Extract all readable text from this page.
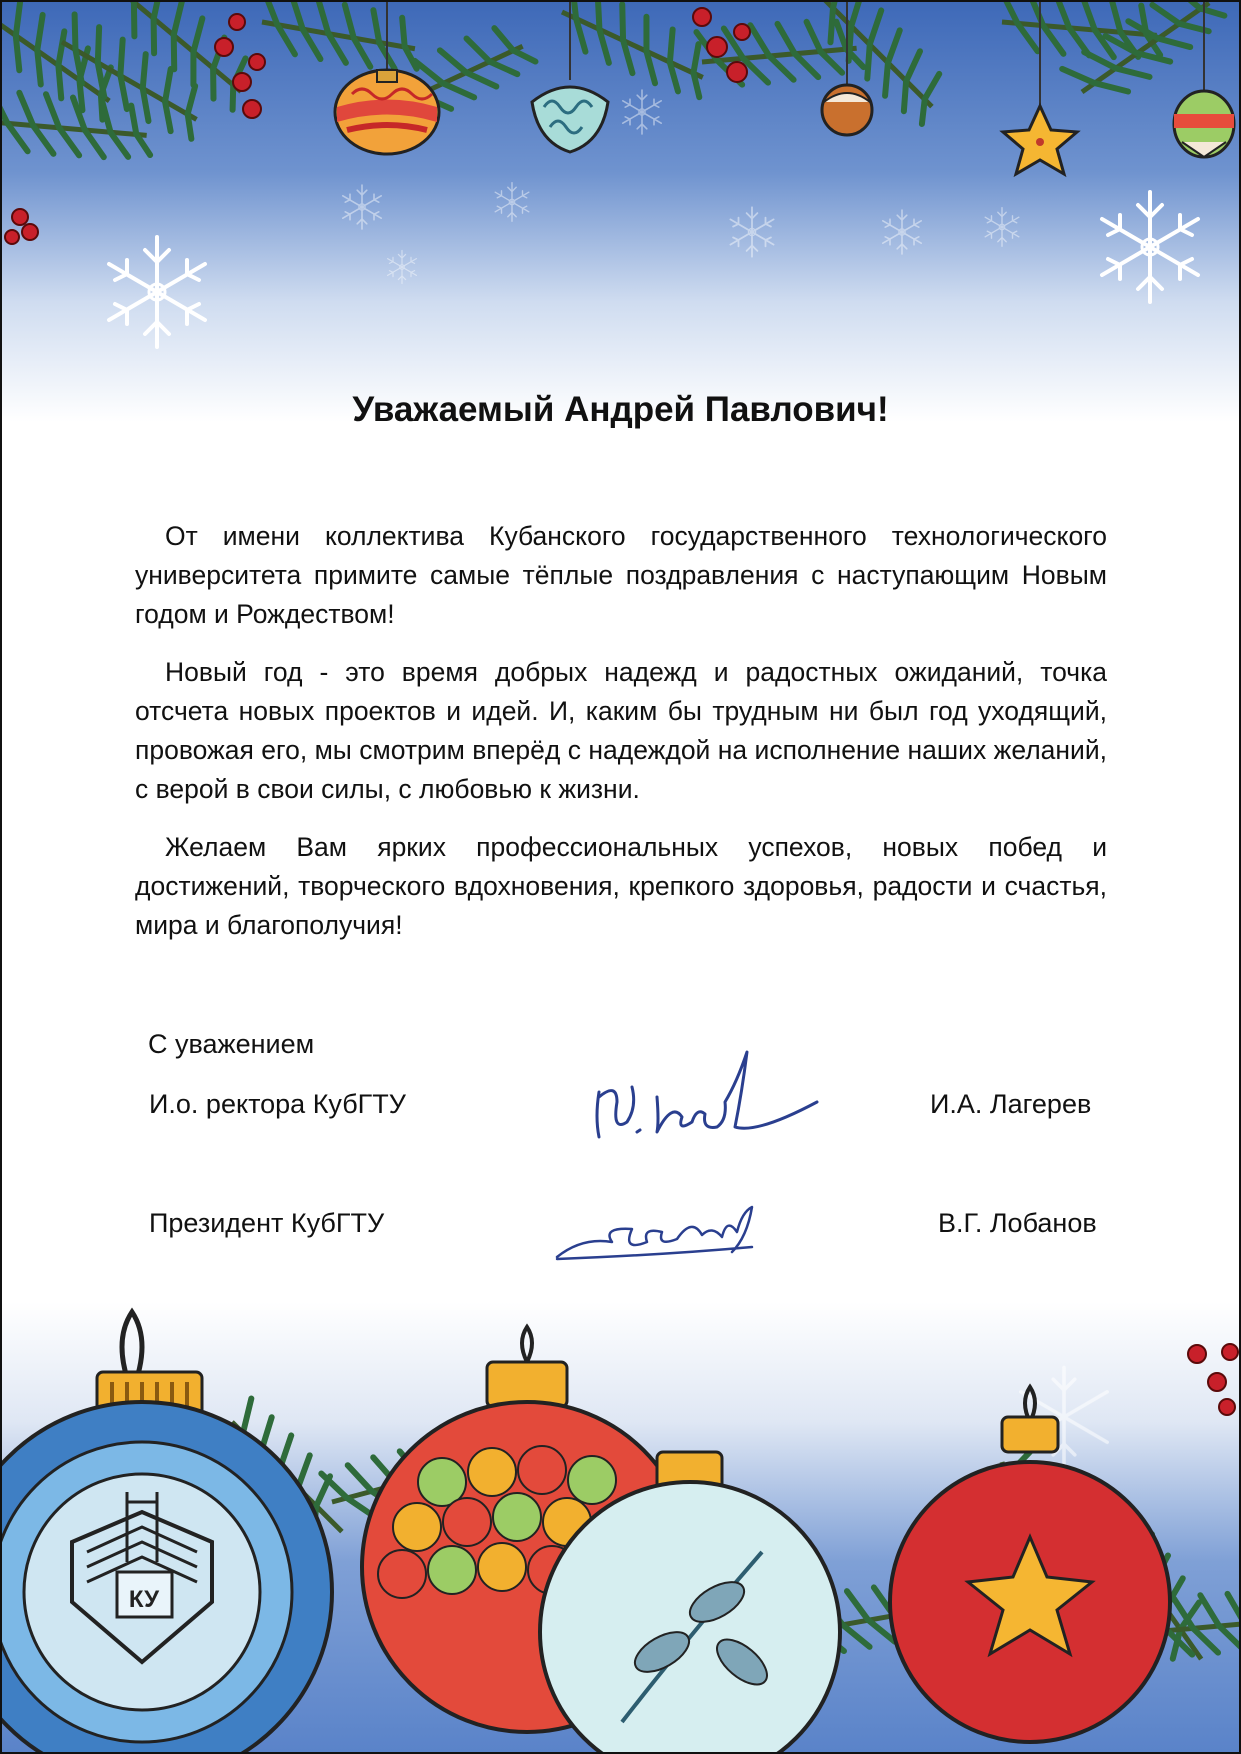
Уважаемый Андрей Павлович!

От имени коллектива Кубанского государственного технологического университета примите самые тёплые поздравления с наступающим Новым годом и Рождеством!

Новый год - это время добрых надежд и радостных ожиданий, точка отсчета новых проектов и идей. И, каким бы трудным ни был год уходящий, провожая его, мы смотрим вперёд с надеждой на исполнение наших желаний, с верой в свои силы, с любовью к жизни.

Желаем Вам ярких профессиональных успехов, новых побед и достижений, творческого вдохновения, крепкого здоровья, радости и счастья, мира и благополучия!

С уважением
И.о. ректора КубГТУ	И.А. Лагерев
Президент КубГТУ	В.Г. Лобанов
КУ
